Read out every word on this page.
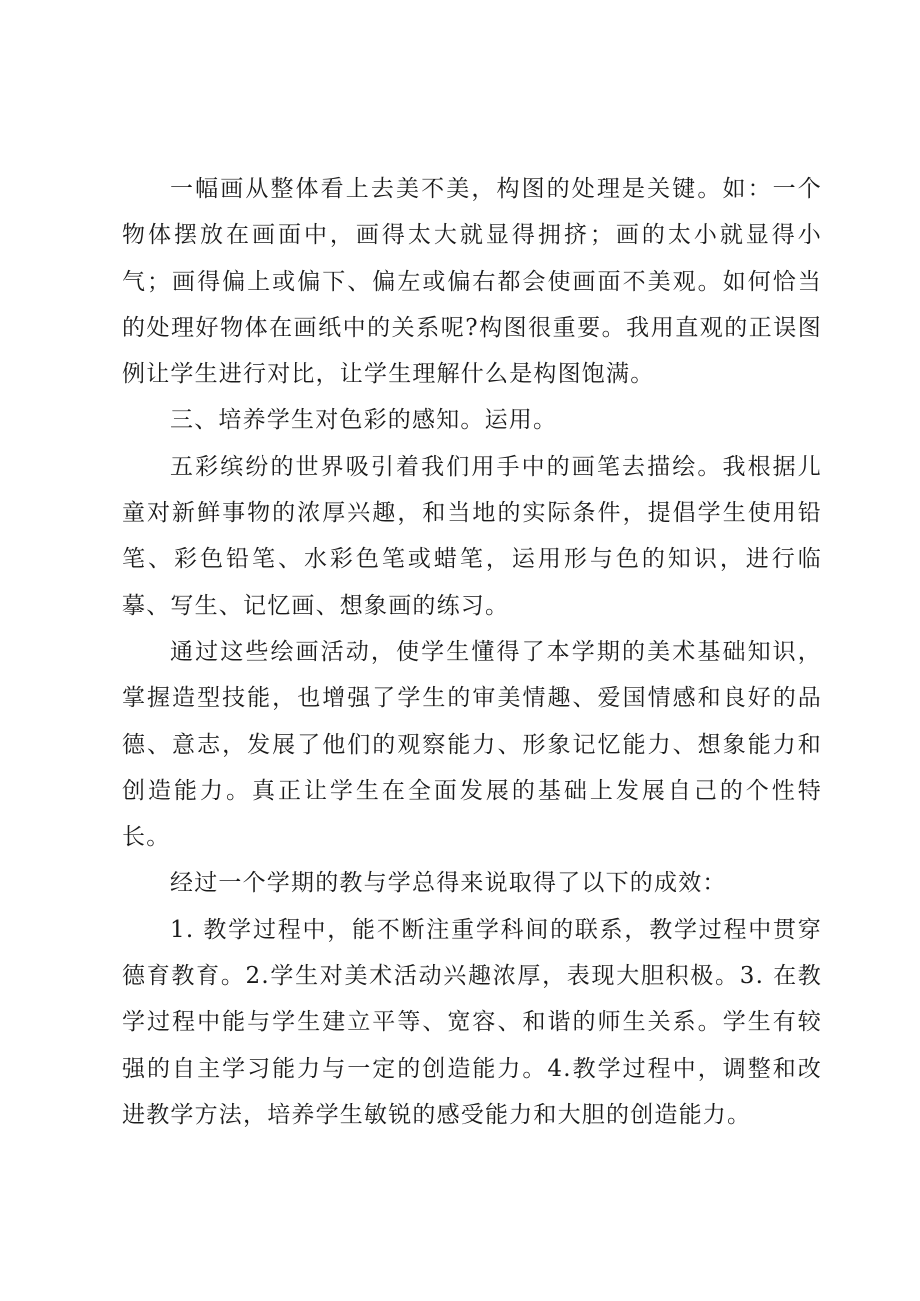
一幅画从整体看上去美不美，构图的处理是关键。如：一个物体摆放在画面中，画得太大就显得拥挤；画的太小就显得小气；画得偏上或偏下、偏左或偏右都会使画面不美观。如何恰当的处理好物体在画纸中的关系呢?构图很重要。我用直观的正误图例让学生进行对比，让学生理解什么是构图饱满。

三、培养学生对色彩的感知。运用。

五彩缤纷的世界吸引着我们用手中的画笔去描绘。我根据儿童对新鲜事物的浓厚兴趣，和当地的实际条件，提倡学生使用铅笔、彩色铅笔、水彩色笔或蜡笔，运用形与色的知识，进行临摹、写生、记忆画、想象画的练习。

通过这些绘画活动，使学生懂得了本学期的美术基础知识，掌握造型技能，也增强了学生的审美情趣、爱国情感和良好的品德、意志，发展了他们的观察能力、形象记忆能力、想象能力和创造能力。真正让学生在全面发展的基础上发展自己的个性特长。

经过一个学期的教与学总得来说取得了以下的成效：

1. 教学过程中，能不断注重学科间的联系，教学过程中贯穿德育教育。2.学生对美术活动兴趣浓厚，表现大胆积极。3. 在教学过程中能与学生建立平等、宽容、和谐的师生关系。学生有较强的自主学习能力与一定的创造能力。4.教学过程中，调整和改进教学方法，培养学生敏锐的感受能力和大胆的创造能力。
